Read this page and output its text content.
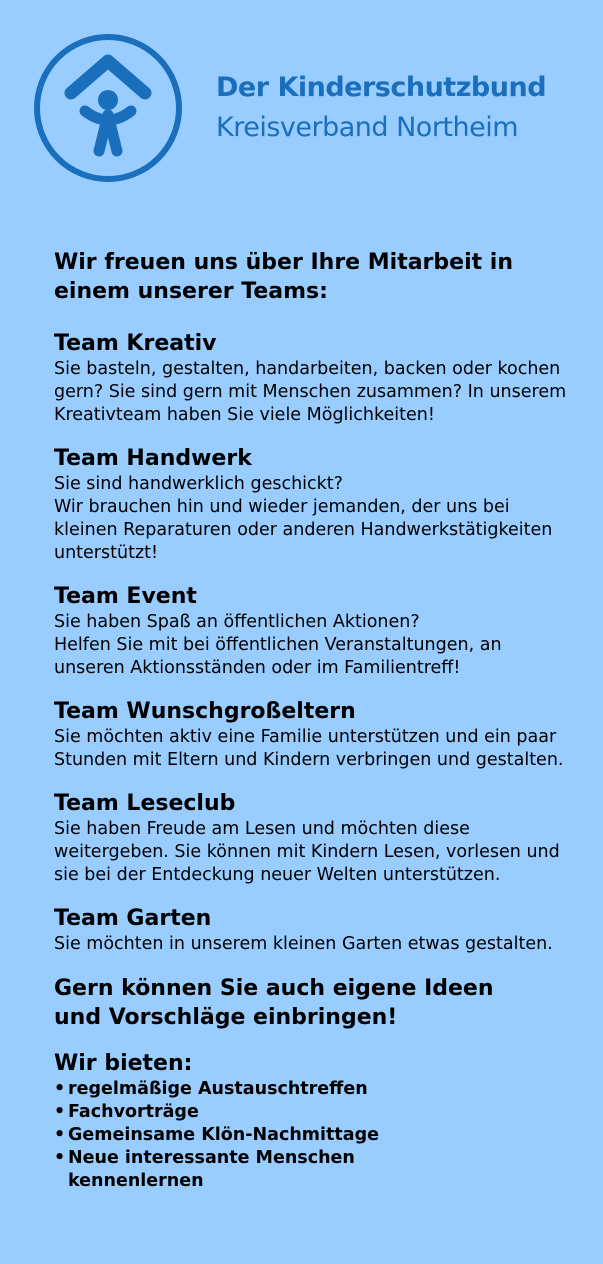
Der Kinderschutzbund
Kreisverband Northeim

Wir freuen uns über Ihre Mitarbeit in einem unserer Teams:

Team Kreativ

Sie basteln, gestalten, handarbeiten, backen oder kochen gern? Sie sind gern mit Menschen zusammen? In unserem Kreativteam haben Sie viele Möglichkeiten!

Team Handwerk

Sie sind handwerklich geschickt?
Wir brauchen hin und wieder jemanden, der uns bei kleinen Reparaturen oder anderen Handwerkstätigkeiten unterstützt!

Team Event

Sie haben Spaß an öffentlichen Aktionen?
Helfen Sie mit bei öffentlichen Veranstaltungen, an unseren Aktionsständen oder im Familientreff!

Team Wunschgroßeltern

Sie möchten aktiv eine Familie unterstützen und ein paar Stunden mit Eltern und Kindern verbringen und gestalten.

Team Leseclub

Sie haben Freude am Lesen und möchten diese weitergeben. Sie können mit Kindern Lesen, vorlesen und sie bei der Entdeckung neuer Welten unterstützen.

Team Garten

Sie möchten in unserem kleinen Garten etwas gestalten.

Gern können Sie auch eigene Ideen
und Vorschläge einbringen!

Wir bieten:
• regelmäßige Austauschtreffen
• Fachvorträge
• Gemeinsame Klön-Nachmittage
• Neue interessante Menschen
kennenlernen
